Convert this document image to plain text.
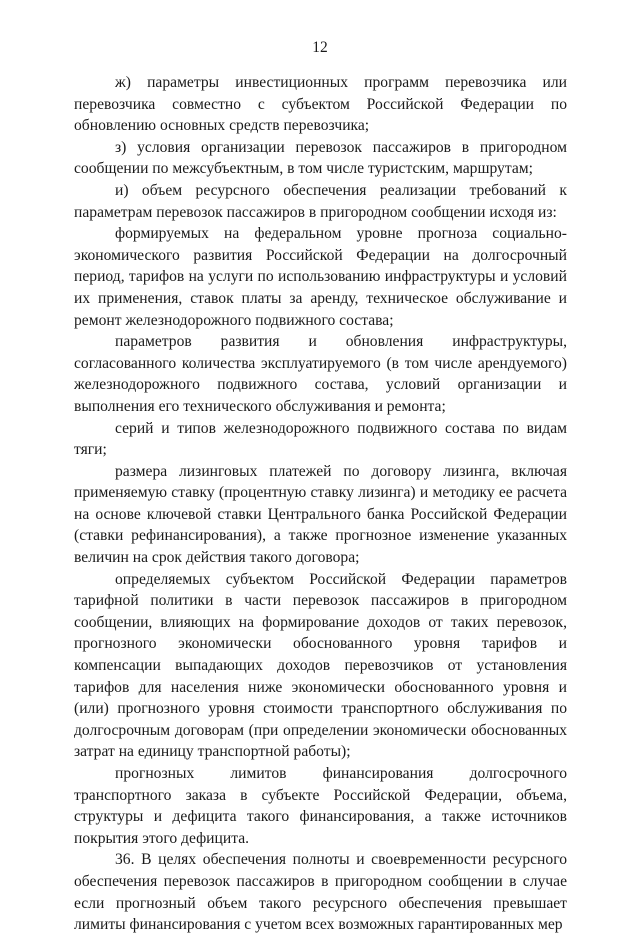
12

ж) параметры инвестиционных программ перевозчика или перевозчика совместно с субъектом Российской Федерации по обновлению основных средств перевозчика;

з) условия организации перевозок пассажиров в пригородном сообщении по межсубъектным, в том числе туристским, маршрутам;

и) объем ресурсного обеспечения реализации требований к параметрам перевозок пассажиров в пригородном сообщении исходя из:

формируемых на федеральном уровне прогноза социально-экономического развития Российской Федерации на долгосрочный период, тарифов на услуги по использованию инфраструктуры и условий их применения, ставок платы за аренду, техническое обслуживание и ремонт железнодорожного подвижного состава;

параметров развития и обновления инфраструктуры, согласованного количества эксплуатируемого (в том числе арендуемого) железнодорожного подвижного состава, условий организации и выполнения его технического обслуживания и ремонта;

серий и типов железнодорожного подвижного состава по видам тяги;

размера лизинговых платежей по договору лизинга, включая применяемую ставку (процентную ставку лизинга) и методику ее расчета на основе ключевой ставки Центрального банка Российской Федерации (ставки рефинансирования), а также прогнозное изменение указанных величин на срок действия такого договора;

определяемых субъектом Российской Федерации параметров тарифной политики в части перевозок пассажиров в пригородном сообщении, влияющих на формирование доходов от таких перевозок, прогнозного экономически обоснованного уровня тарифов и компенсации выпадающих доходов перевозчиков от установления тарифов для населения ниже экономически обоснованного уровня и (или) прогнозного уровня стоимости транспортного обслуживания по долгосрочным договорам (при определении экономически обоснованных затрат на единицу транспортной работы);

прогнозных лимитов финансирования долгосрочного транспортного заказа в субъекте Российской Федерации, объема, структуры и дефицита такого финансирования, а также источников покрытия этого дефицита.

36. В целях обеспечения полноты и своевременности ресурсного обеспечения перевозок пассажиров в пригородном сообщении в случае если прогнозный объем такого ресурсного обеспечения превышает лимиты финансирования с учетом всех возможных гарантированных мер
